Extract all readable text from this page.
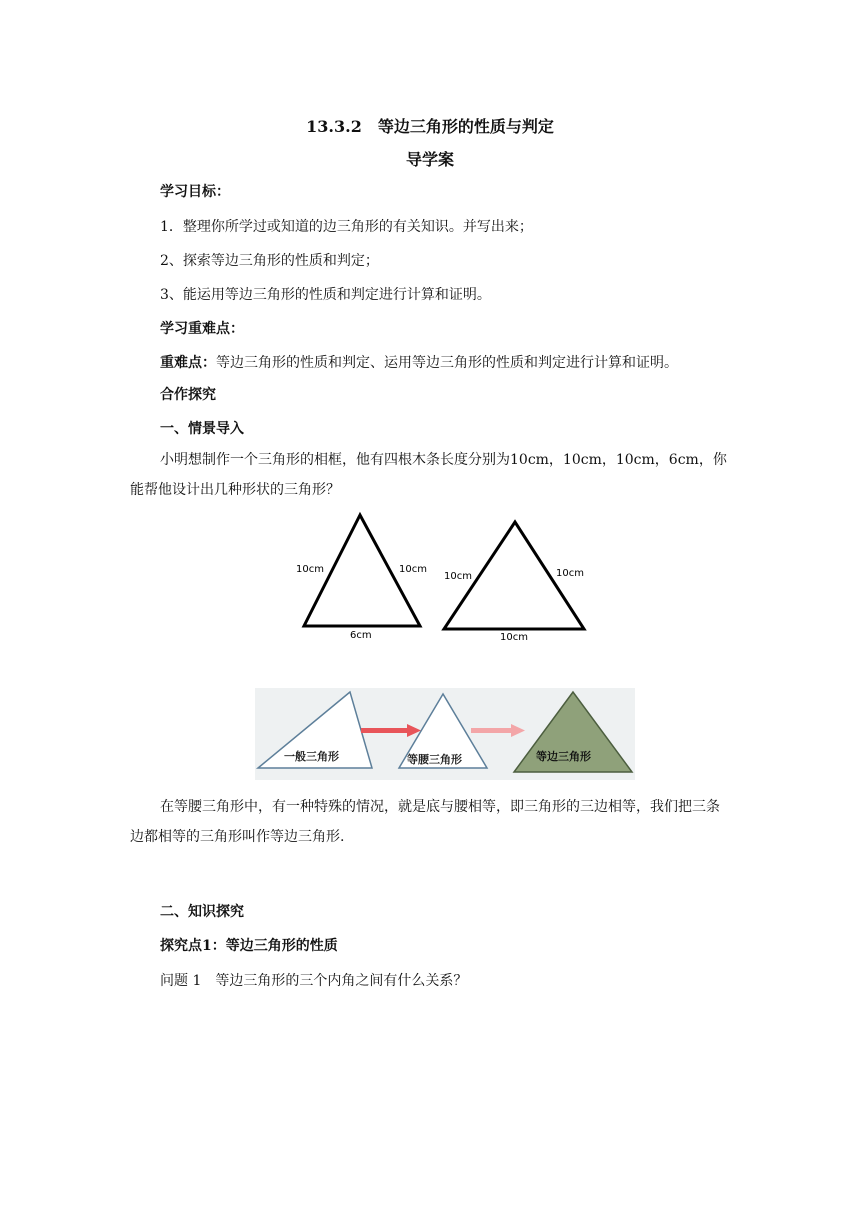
13.3.2　等边三角形的性质与判定
导学案
学习目标：
1．整理你所学过或知道的边三角形的有关知识。并写出来；
2、探索等边三角形的性质和判定；
3、能运用等边三角形的性质和判定进行计算和证明。
学习重难点：
重难点：等边三角形的性质和判定、运用等边三角形的性质和判定进行计算和证明。
合作探究
一、情景导入
小明想制作一个三角形的相框，他有四根木条长度分别为10cm，10cm，10cm，6cm，你能帮他设计出几种形状的三角形？
10cm	10cm
6cm
10cm	10cm
10cm
一般三角形	等腰三角形	等边三角形
在等腰三角形中，有一种特殊的情况，就是底与腰相等，即三角形的三边相等，我们把三条边都相等的三角形叫作等边三角形.
二、知识探究
探究点1：等边三角形的性质
问题 1　等边三角形的三个内角之间有什么关系？
